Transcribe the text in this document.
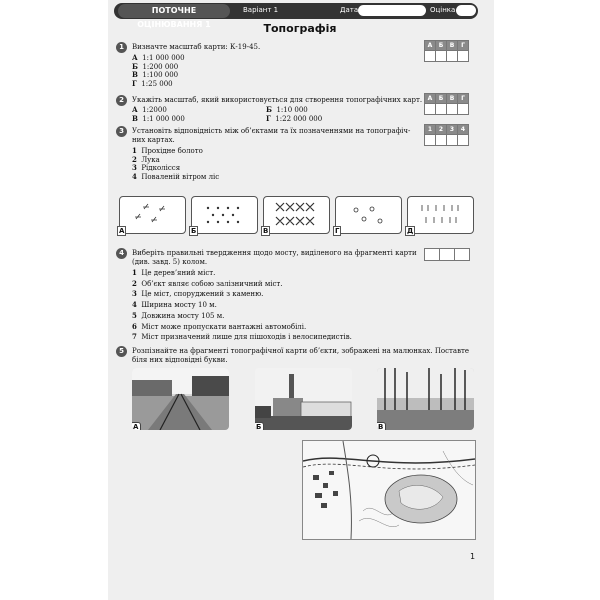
ПОТОЧНЕ ОЦІНЮВАННЯ 1
Варіант 1	Дата	Оцінка
Топографія
1	Визначте масштаб карти: К-19-45.
А 1:1 000 000
Б 1:200 000
В 1:100 000
Г 1:25 000
А	Б	В	Г

2	Укажіть масштаб, який використовується для створення топографічних карт.
А 1:2000
В 1:1 000 000
Б 1:10 000
Г 1:22 000 000
А	Б	В	Г

3	Установіть відповідність між об’єктами та їх позначеннями на топографіч-
них картах.
1 Прохідне болото
2 Лука
3 Рідколісся
4 Поваленій вітром ліс
1	2	3	4

А	Б	В	Г	Д
4	Виберіть правильні твердження щодо мосту, виділеного на фрагменті карти
(див. завд. 5) колом.
1 Це дерев’яний міст.
2 Об’єкт являє собою залізничний міст.
3 Це міст, споруджений з каменю.
4 Ширина мосту 10 м.
5 Довжина мосту 105 м.
6 Міст може пропускати вантажні автомобілі.
7 Міст призначений лише для пішоходів і велосипедистів.

5	Розпізнайте на фрагменті топографічної карти об’єкти, зображені на малюнках. Поставте
біля них відповідні букви.
А	Б	В
1
